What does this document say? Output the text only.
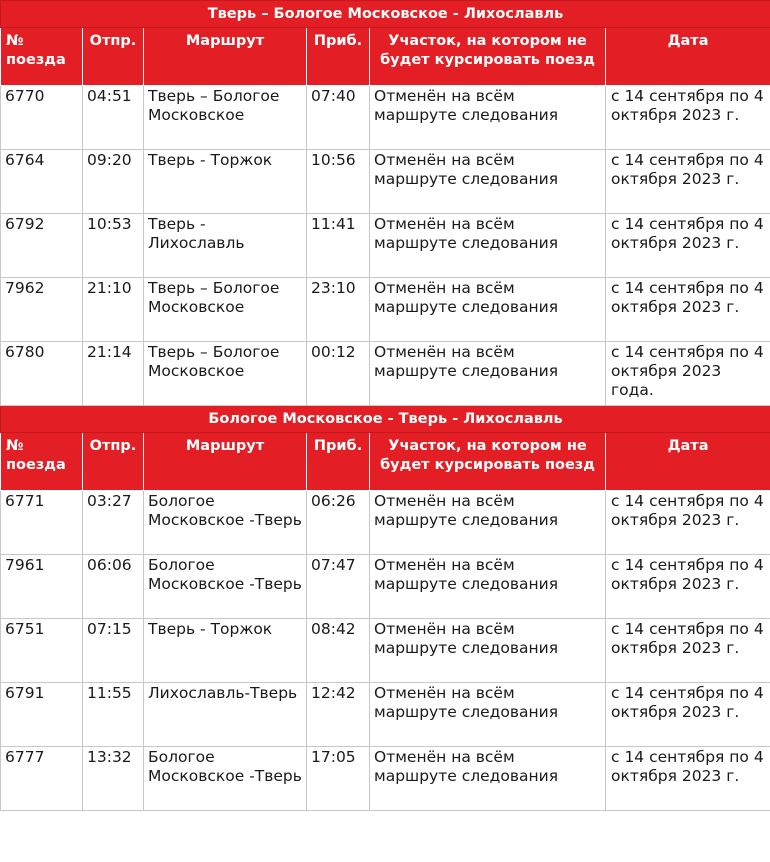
Тверь – Бологое Московское - Лихославль					
№ поезда	Отпр.	Маршрут	Приб.	Участок, на котором не будет курсировать поезд	Дата
6770	04:51	Тверь – Бологое Московское	07:40	Отменён на всём маршруте следования	с 14 сентября по 4 октября 2023 г.
6764	09:20	Тверь - Торжок	10:56	Отменён на всём маршруте следования	с 14 сентября по 4 октября 2023 г.
6792	10:53	Тверь - Лихославль	11:41	Отменён на всём маршруте следования	с 14 сентября по 4 октября 2023 г.
7962	21:10	Тверь – Бологое Московское	23:10	Отменён на всём маршруте следования	с 14 сентября по 4 октября 2023 г.
6780	21:14	Тверь – Бологое Московское	00:12	Отменён на всём маршруте следования	с 14 сентября по 4 октября 2023 года.
Бологое Московское - Тверь - Лихославль					
№ поезда	Отпр.	Маршрут	Приб.	Участок, на котором не будет курсировать поезд	Дата
6771	03:27	Бологое Московское -Тверь	06:26	Отменён на всём маршруте следования	с 14 сентября по 4 октября 2023 г.
7961	06:06	Бологое Московское -Тверь	07:47	Отменён на всём маршруте следования	с 14 сентября по 4 октября 2023 г.
6751	07:15	Тверь - Торжок	08:42	Отменён на всём маршруте следования	с 14 сентября по 4 октября 2023 г.
6791	11:55	Лихославль-Тверь	12:42	Отменён на всём маршруте следования	с 14 сентября по 4 октября 2023 г.
6777	13:32	Бологое Московское -Тверь	17:05	Отменён на всём маршруте следования	с 14 сентября по 4 октября 2023 г.
